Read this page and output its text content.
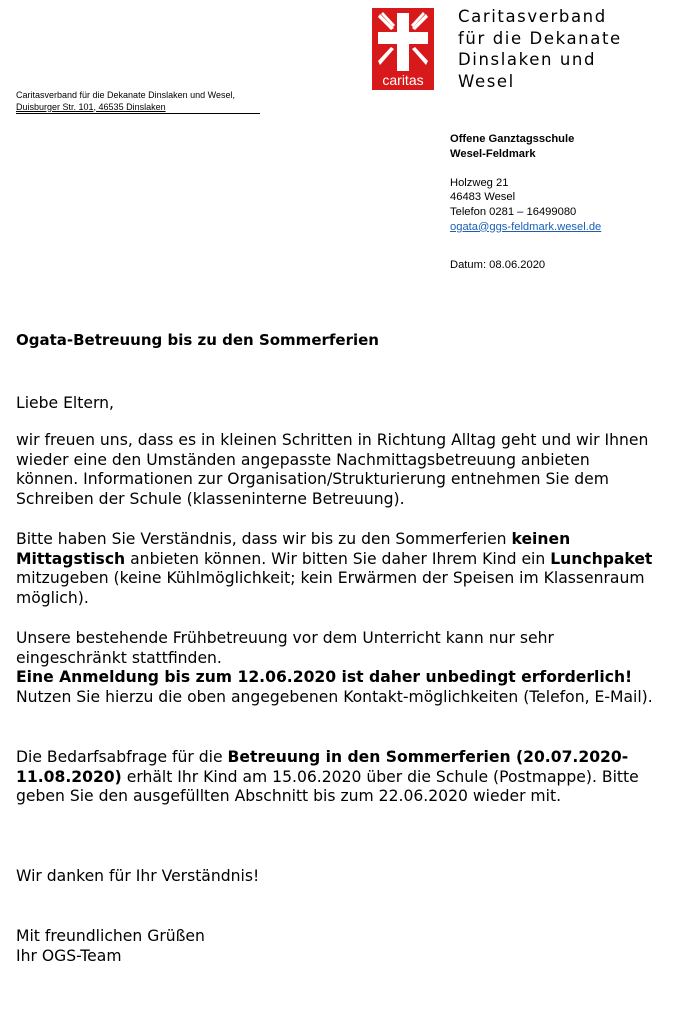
caritas
Caritasverband
für die Dekanate
Dinslaken und
Wesel
Caritasverband für die Dekanate Dinslaken und Wesel,
Duisburger Str. 101, 46535 Dinslaken
Offene Ganztagsschule
Wesel-Feldmark
Holzweg 21
46483 Wesel
Telefon 0281 – 16499080
ogata@ggs-feldmark.wesel.de
Datum: 08.06.2020
Ogata-Betreuung bis zu den Sommerferien
Liebe Eltern,
wir freuen uns, dass es in kleinen Schritten in Richtung Alltag geht und wir Ihnen wieder eine den Umständen angepasste Nachmittagsbetreuung anbieten können. Informationen zur Organisation/Strukturierung entnehmen Sie dem Schreiben der Schule (klasseninterne Betreuung).
Bitte haben Sie Verständnis, dass wir bis zu den Sommerferien keinen Mittagstisch anbieten können. Wir bitten Sie daher Ihrem Kind ein Lunchpaket mitzugeben (keine Kühlmöglichkeit; kein Erwärmen der Speisen im Klassenraum möglich).
Unsere bestehende Frühbetreuung vor dem Unterricht kann nur sehr eingeschränkt stattfinden.
Eine Anmeldung bis zum 12.06.2020 ist daher unbedingt erforderlich! Nutzen Sie hierzu die oben angegebenen Kontakt-möglichkeiten (Telefon, E-Mail).
Die Bedarfsabfrage für die Betreuung in den Sommerferien (20.07.2020-11.08.2020) erhält Ihr Kind am 15.06.2020 über die Schule (Postmappe). Bitte geben Sie den ausgefüllten Abschnitt bis zum 22.06.2020 wieder mit.
Wir danken für Ihr Verständnis!
Mit freundlichen Grüßen
Ihr OGS-Team
